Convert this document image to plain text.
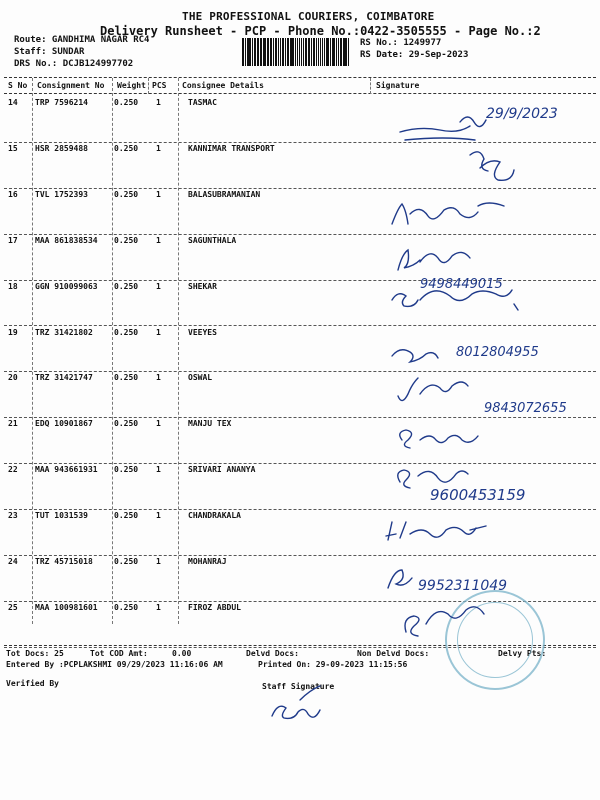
THE PROFESSIONAL COURIERS, COIMBATORE
Delivery Runsheet - PCP - Phone No.:0422-3505555 - Page No.:2
Route: GANDHIMA NAGAR RC4
Staff: SUNDAR
DRS No.: DCJB124997702
RS No.: 1249977
RS Date: 29-Sep-2023
S No Consignment No Weight PCS Consignee Details	Signature
14 TRP 7596214	0.250 1	TASMAC
15 HSR 2859488	0.250 1	KANNIMAR TRANSPORT
16 TVL 1752393	0.250 1	BALASUBRAMANIAN
17 MAA 861838534 0.250 1	SAGUNTHALA
18 GGN 910099063 0.250 1	SHEKAR
19 TRZ 31421802	0.250 1	VEEYES
20 TRZ 31421747	0.250 1	OSWAL
21 EDQ 10901867	0.250 1	MANJU TEX
22 MAA 943661931 0.250 1	SRIVARI ANANYA
23 TUT 1031539	0.250 1	CHANDRAKALA
24 TRZ 45715018	0.250 1	MOHANRAJ
25 MAA 100981601 0.250 1	FIROZ ABDUL
Tot Docs: 25	Tot COD Amt:	0.00	Delvd Docs:	Non Delvd Docs:	Delvy Pts:
Entered By :PCPLAKSHMI 09/29/2023 11:16:06 AM	Printed On: 29-09-2023 11:15:56
Verified By	Staff Signature
29/9/2023
9498449015
8012804955
9843072655
9600453159
9952311049
